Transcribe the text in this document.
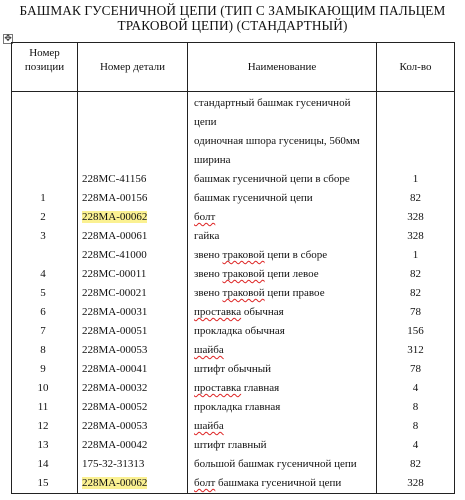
БАШМАК ГУСЕНИЧНОЙ ЦЕПИ (ТИП С ЗАМЫКАЮЩИМ ПАЛЬЦЕМ
ТРАКОВОЙ ЦЕПИ) (СТАНДАРТНЫЙ)
✥
Номер
позиции	Номер детали	Наименование	Кол-во
		стандартный башмак гусеничной	
		цепи	
		одиночная шпора гусеницы, 560мм	
		ширина	
	228МС-41156	башмак гусеничной цепи в сборе	1
1	228МА-00156	башмак гусеничной цепи	82
2	228МА-00062	болт	328
3	228МА-00061	гайка	328
	228МС-41000	звено траковой цепи в сборе	1
4	228МС-00011	звено траковой цепи левое	82
5	228МС-00021	звено траковой цепи правое	82
6	228МА-00031	проставка обычная	78
7	228МА-00051	прокладка обычная	156
8	228МА-00053	шайба	312
9	228МА-00041	штифт обычный	78
10	228МА-00032	проставка главная	4
11	228МА-00052	прокладка главная	8
12	228МА-00053	шайба	8
13	228МА-00042	штифт главный	4
14	175-32-31313	большой башмак гусеничной цепи	82
15	228МА-00062	болт башмака гусеничной цепи	328
